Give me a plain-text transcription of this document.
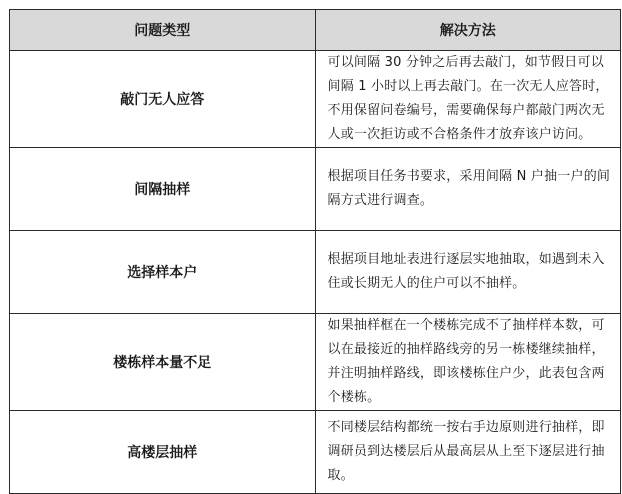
问题类型	解决方法
敲门无人应答	可以间隔 30 分钟之后再去敲门，如节假日可以间隔 1 小时以上再去敲门。在一次无人应答时，不用保留问卷编号，需要确保每户都敲门两次无人或一次拒访或不合格条件才放弃该户访问。
间隔抽样	根据项目任务书要求，采用间隔 N 户抽一户的间隔方式进行调查。
选择样本户	根据项目地址表进行逐层实地抽取，如遇到未入住或长期无人的住户可以不抽样。
楼栋样本量不足	如果抽样框在一个楼栋完成不了抽样样本数，可以在最接近的抽样路线旁的另一栋楼继续抽样，并注明抽样路线，即该楼栋住户少，此表包含两个楼栋。
高楼层抽样	不同楼层结构都统一按右手边原则进行抽样，即调研员到达楼层后从最高层从上至下逐层进行抽取。
